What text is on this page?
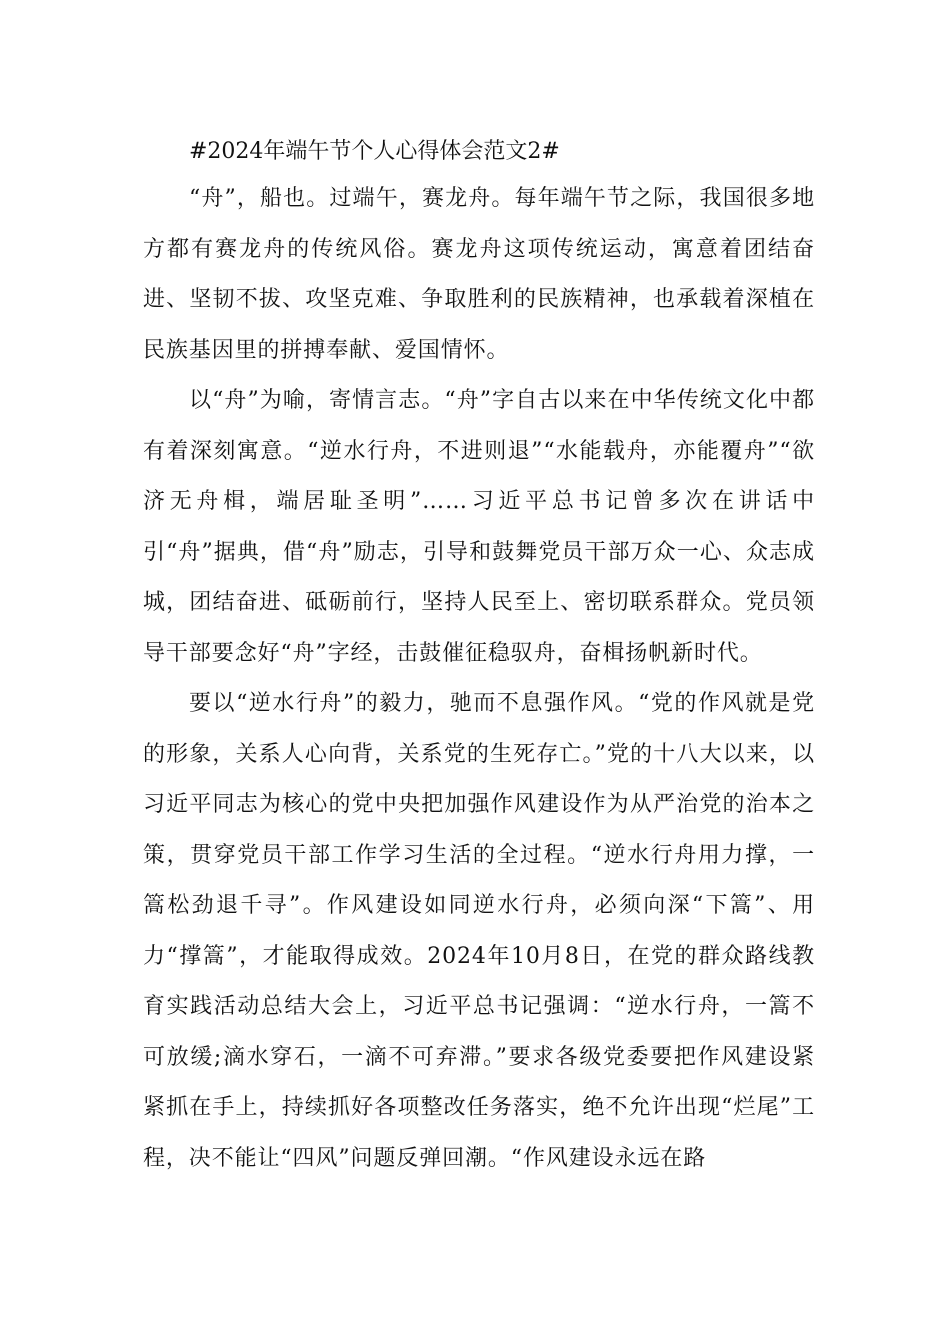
#2024年端午节个人心得体会范文2#

“舟”，船也。过端午，赛龙舟。每年端午节之际，我国很多地方都有赛龙舟的传统风俗。赛龙舟这项传统运动，寓意着团结奋进、坚韧不拔、攻坚克难、争取胜利的民族精神，也承载着深植在民族基因里的拼搏奉献、爱国情怀。

以“舟”为喻，寄情言志。“舟”字自古以来在中华传统文化中都有着深刻寓意。“逆水行舟，不进则退”“水能载舟，亦能覆舟”“欲济无舟楫，端居耻圣明”……习近平总书记曾多次在讲话中引“舟”据典，借“舟”励志，引导和鼓舞党员干部万众一心、众志成城，团结奋进、砥砺前行，坚持人民至上、密切联系群众。党员领导干部要念好“舟”字经，击鼓催征稳驭舟，奋楫扬帆新时代。

要以“逆水行舟”的毅力，驰而不息强作风。“党的作风就是党的形象，关系人心向背，关系党的生死存亡。”党的十八大以来，以习近平同志为核心的党中央把加强作风建设作为从严治党的治本之策，贯穿党员干部工作学习生活的全过程。“逆水行舟用力撑，一篙松劲退千寻”。作风建设如同逆水行舟，必须向深“下篙”、用力“撑篙”，才能取得成效。2024年10月8日，在党的群众路线教育实践活动总结大会上，习近平总书记强调：“逆水行舟，一篙不可放缓;滴水穿石，一滴不可弃滞。”要求各级党委要把作风建设紧紧抓在手上，持续抓好各项整改任务落实，绝不允许出现“烂尾”工程，决不能让“四风”问题反弹回潮。“作风建设永远在路
